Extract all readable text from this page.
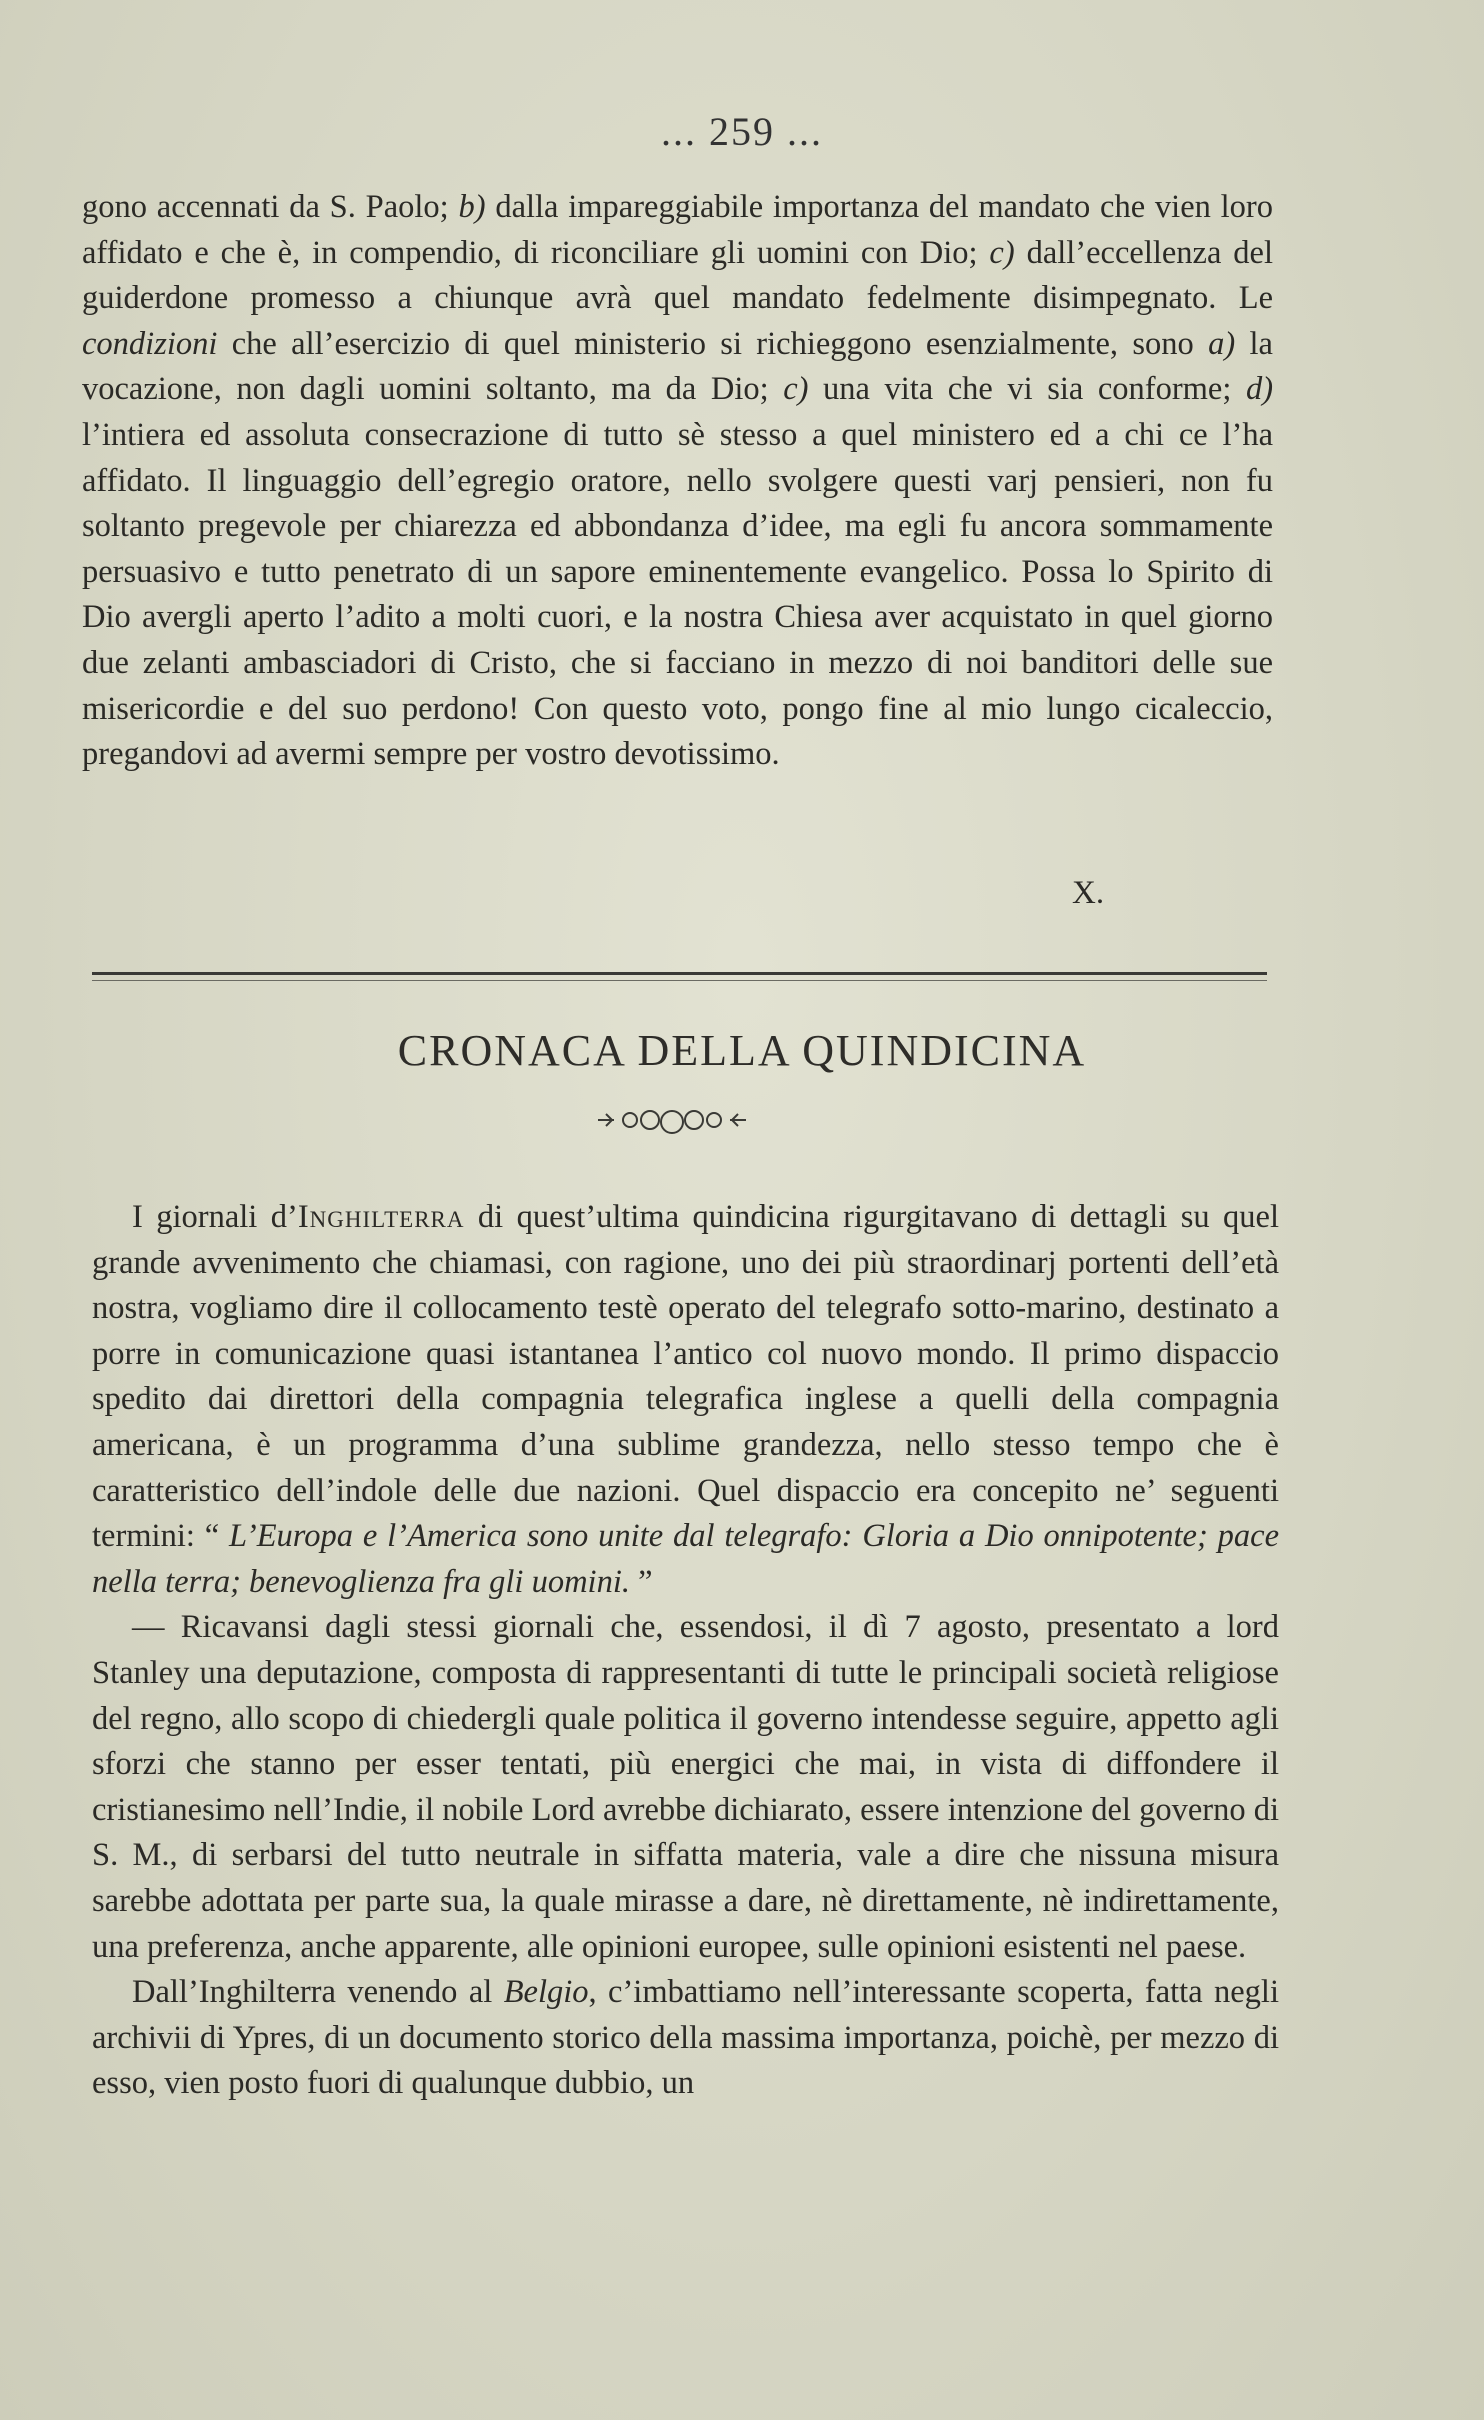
... 259 ...

gono accennati da S. Paolo; b) dalla impareggiabile importanza del mandato che vien loro affidato e che è, in compendio, di riconciliare gli uomini con Dio; c) dall’eccellenza del guiderdone promesso a chiunque avrà quel mandato fedelmente disimpegnato. Le condizioni che all’esercizio di quel ministerio si richieggono esenzialmente, sono a) la vocazione, non dagli uomini soltanto, ma da Dio; c) una vita che vi sia conforme; d) l’intiera ed assoluta consecrazione di tutto sè stesso a quel ministero ed a chi ce l’ha affidato. Il linguaggio dell’egregio oratore, nello svolgere questi varj pensieri, non fu soltanto pregevole per chiarezza ed abbondanza d’idee, ma egli fu ancora sommamente persuasivo e tutto penetrato di un sapore eminentemente evangelico. Possa lo Spirito di Dio avergli aperto l’adito a molti cuori, e la nostra Chiesa aver acquistato in quel giorno due zelanti ambasciadori di Cristo, che si facciano in mezzo di noi banditori delle sue misericordie e del suo perdono! Con questo voto, pongo fine al mio lungo cicaleccio, pregandovi ad avermi sempre per vostro devotissimo.

X.
CRONACA DELLA QUINDICINA

I giornali d’Inghilterra di quest’ultima quindicina rigurgitavano di dettagli su quel grande avvenimento che chiamasi, con ragione, uno dei più straordinarj portenti dell’età nostra, vogliamo dire il collocamento testè operato del telegrafo sotto-marino, destinato a porre in comunicazione quasi istantanea l’antico col nuovo mondo. Il primo dispaccio spedito dai direttori della compagnia telegrafica inglese a quelli della compagnia americana, è un programma d’una sublime grandezza, nello stesso tempo che è caratteristico dell’indole delle due nazioni. Quel dispaccio era concepito ne’ seguenti termini: “ L’Europa e l’America sono unite dal telegrafo: Gloria a Dio onnipotente; pace nella terra; benevoglienza fra gli uomini. ”

— Ricavansi dagli stessi giornali che, essendosi, il dì 7 agosto, presentato a lord Stanley una deputazione, composta di rappresentanti di tutte le principali società religiose del regno, allo scopo di chiedergli quale politica il governo intendesse seguire, appetto agli sforzi che stanno per esser tentati, più energici che mai, in vista di diffondere il cristianesimo nell’Indie, il nobile Lord avrebbe dichiarato, essere intenzione del governo di S. M., di serbarsi del tutto neutrale in siffatta materia, vale a dire che nissuna misura sarebbe adottata per parte sua, la quale mirasse a dare, nè direttamente, nè indirettamente, una preferenza, anche apparente, alle opinioni europee, sulle opinioni esistenti nel paese.

Dall’Inghilterra venendo al Belgio, c’imbattiamo nell’interessante scoperta, fatta negli archivii di Ypres, di un documento storico della massima importanza, poichè, per mezzo di esso, vien posto fuori di qualunque dubbio, un
